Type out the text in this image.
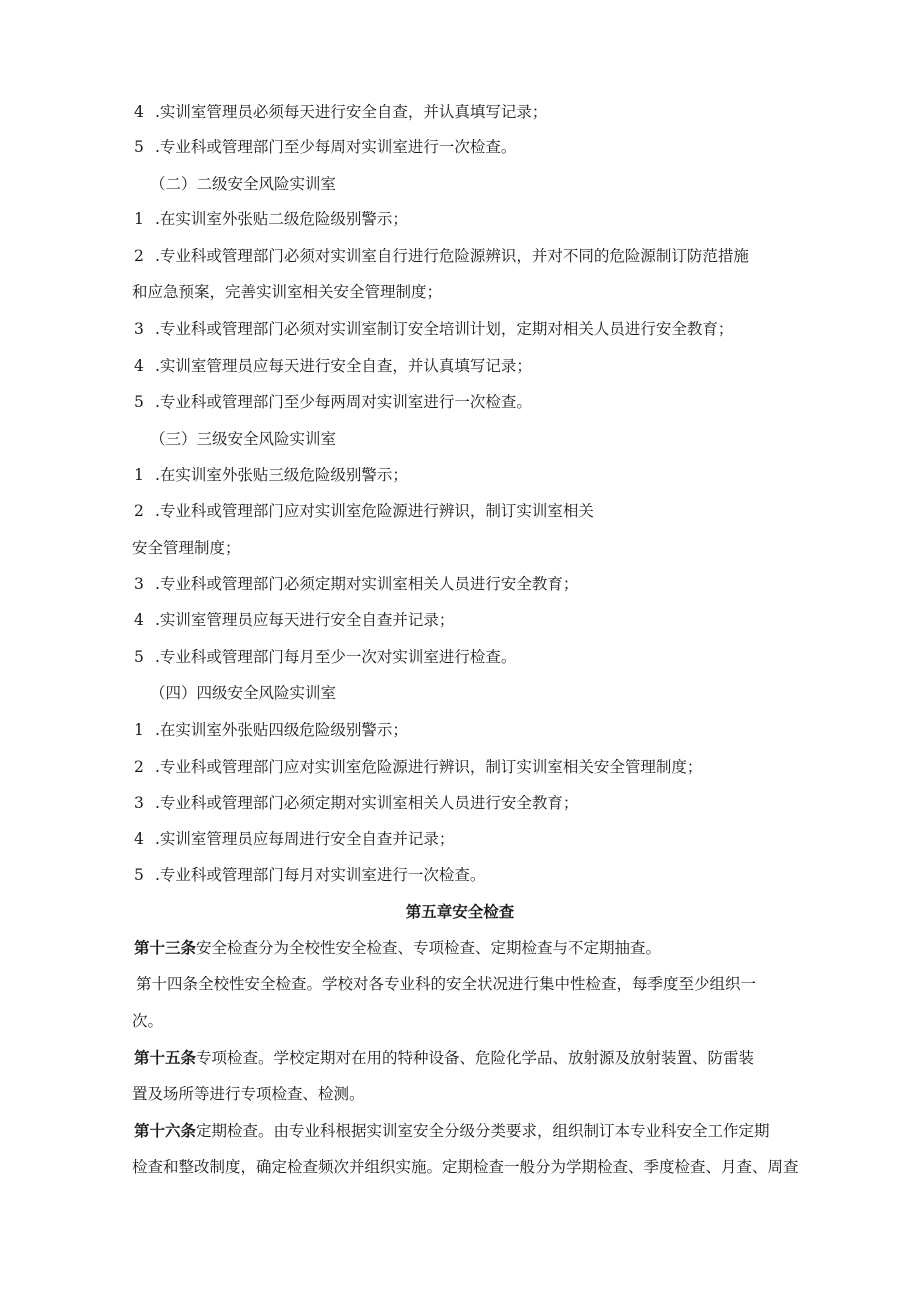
4 .实训室管理员必须每天进行安全自查，并认真填写记录；
5 .专业科或管理部门至少每周对实训室进行一次检查。
（二）二级安全风险实训室
1 .在实训室外张贴二级危险级别警示；
2 .专业科或管理部门必须对实训室自行进行危险源辨识，并对不同的危险源制订防范措施
和应急预案，完善实训室相关安全管理制度；
3 .专业科或管理部门必须对实训室制订安全培训计划，定期对相关人员进行安全教育；
4 .实训室管理员应每天进行安全自查，并认真填写记录；
5 .专业科或管理部门至少每两周对实训室进行一次检查。
（三）三级安全风险实训室
1 .在实训室外张贴三级危险级别警示；
2 .专业科或管理部门应对实训室危险源进行辨识，制订实训室相关
安全管理制度；
3 .专业科或管理部门必须定期对实训室相关人员进行安全教育；
4 .实训室管理员应每天进行安全自查并记录；
5 .专业科或管理部门每月至少一次对实训室进行检查。
（四）四级安全风险实训室
1 .在实训室外张贴四级危险级别警示；
2 .专业科或管理部门应对实训室危险源进行辨识，制订实训室相关安全管理制度；
3 .专业科或管理部门必须定期对实训室相关人员进行安全教育；
4 .实训室管理员应每周进行安全自查并记录；
5 .专业科或管理部门每月对实训室进行一次检查。
第五章安全检查
第十三条安全检查分为全校性安全检查、专项检查、定期检查与不定期抽查。
第十四条全校性安全检查。学校对各专业科的安全状况进行集中性检查，每季度至少组织一
次。
第十五条专项检查。学校定期对在用的特种设备、危险化学品、放射源及放射装置、防雷装
置及场所等进行专项检查、检测。
第十六条定期检查。由专业科根据实训室安全分级分类要求，组织制订本专业科安全工作定期
检查和整改制度，确定检查频次并组织实施。定期检查一般分为学期检查、季度检查、月查、周查
